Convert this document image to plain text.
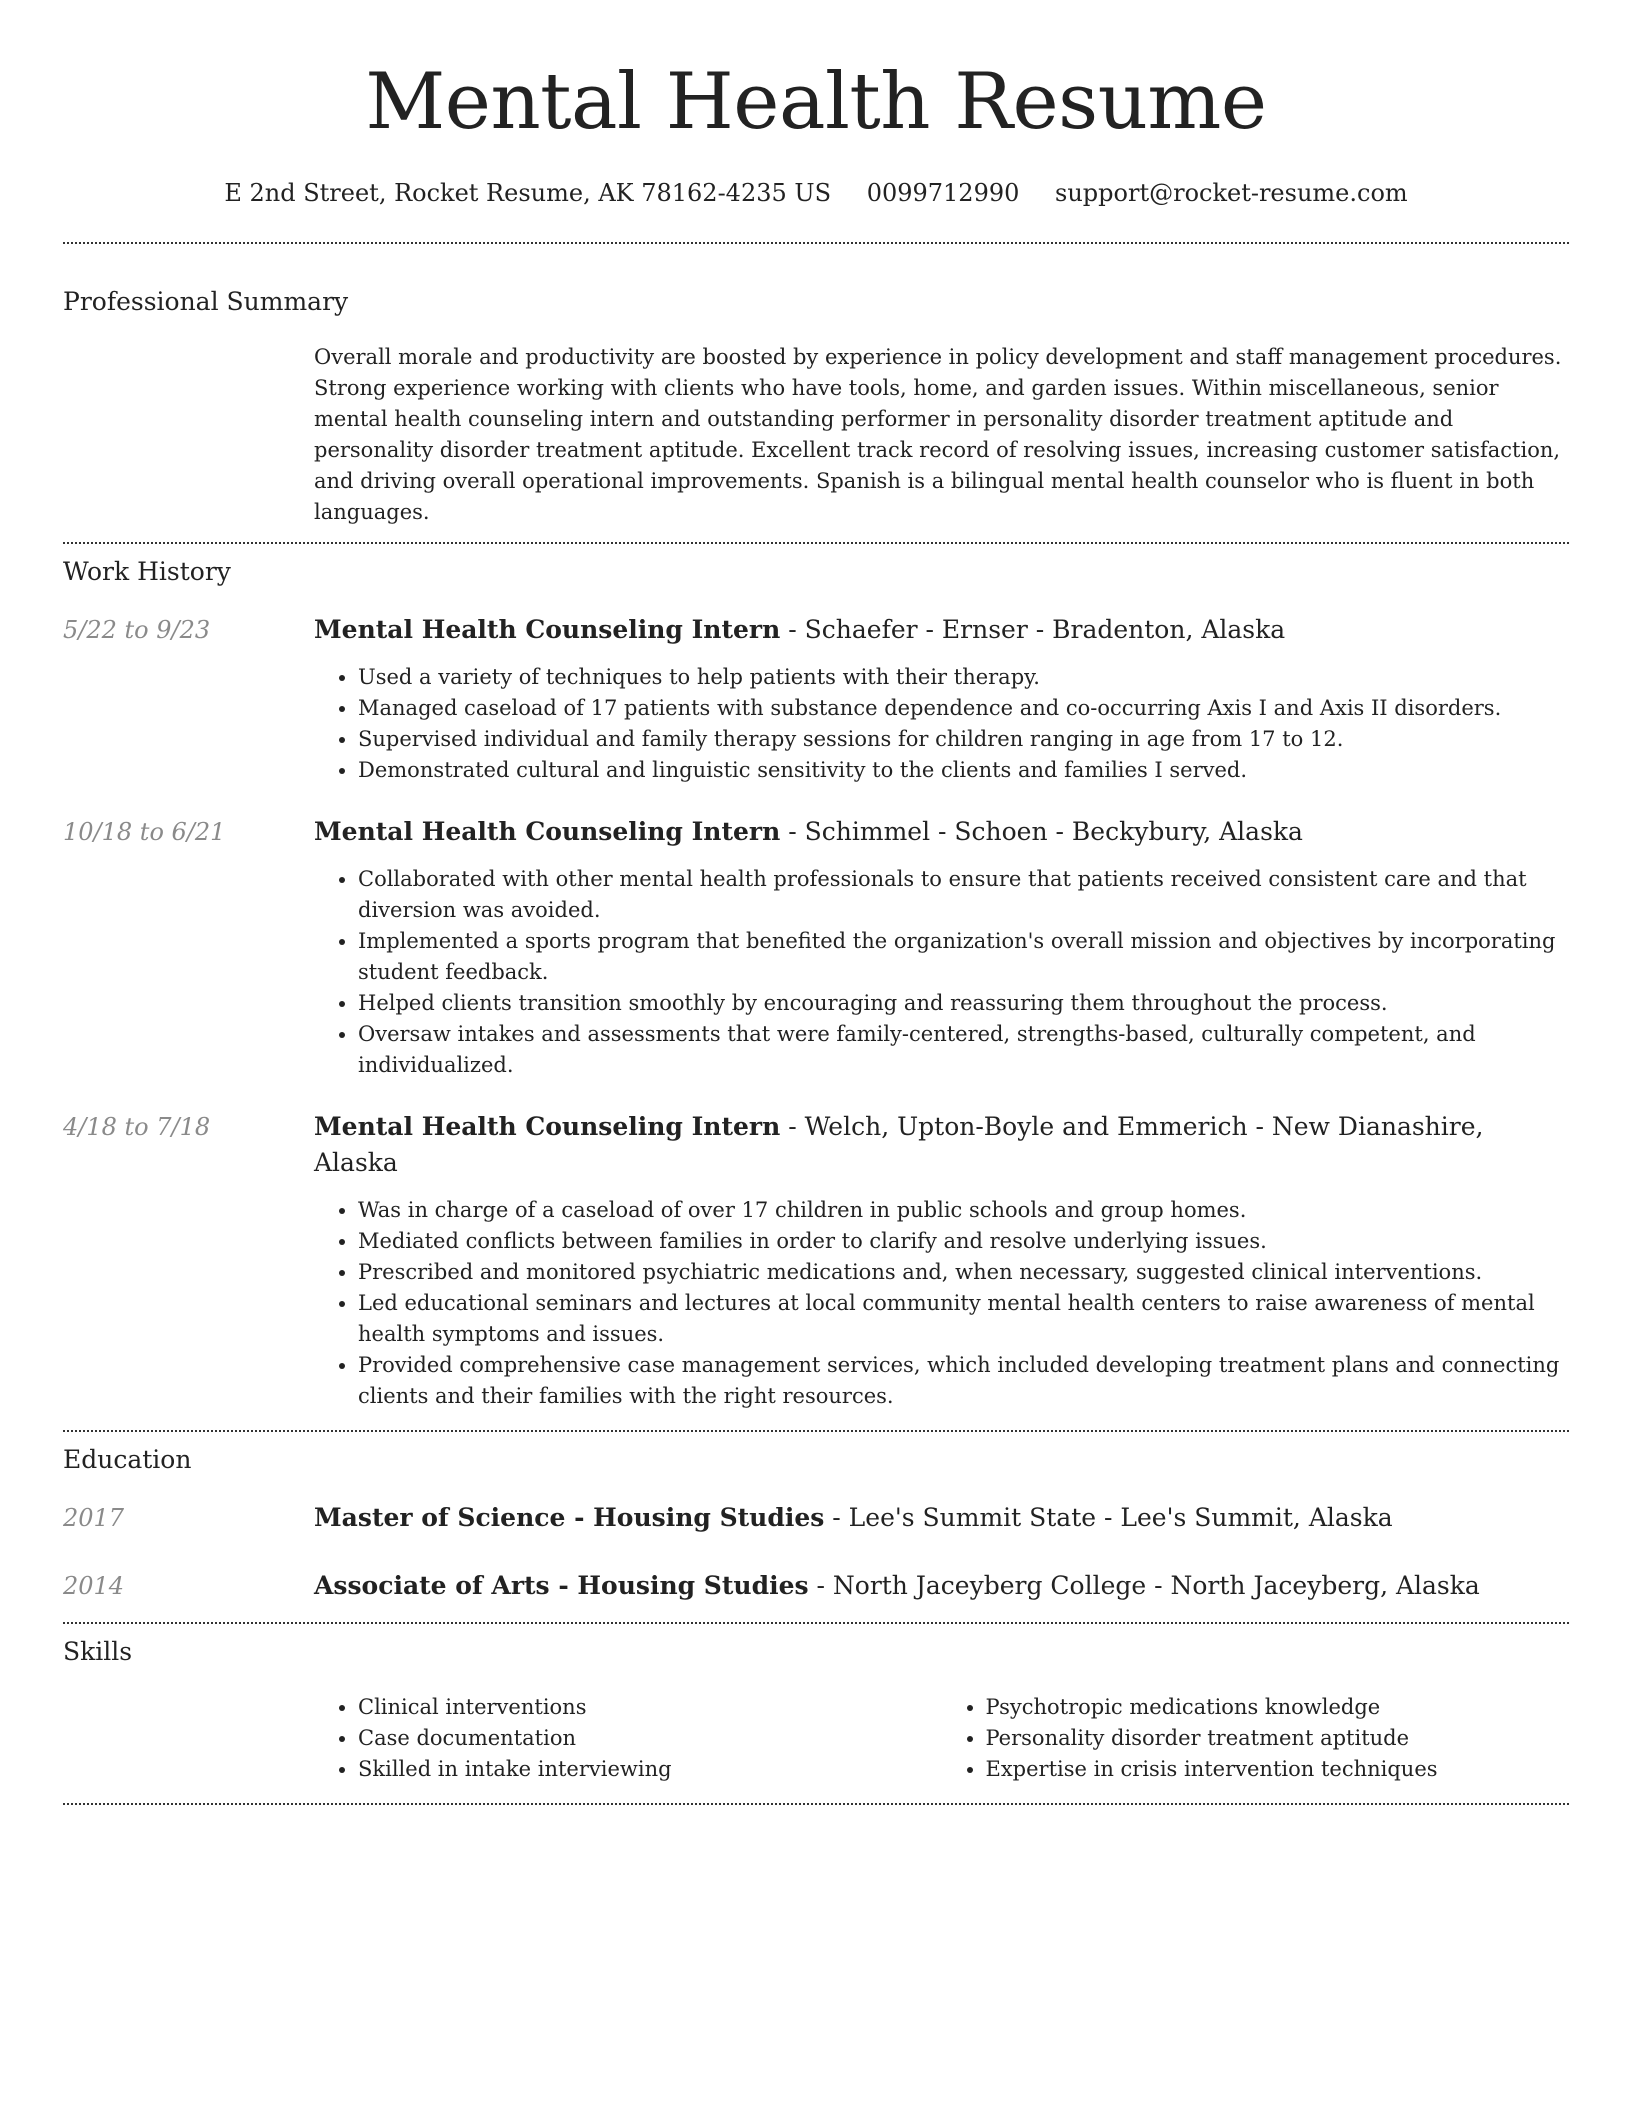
Mental Health Resume
E 2nd Street, Rocket Resume, AK 78162-4235 US 0099712990 support@rocket-resume.com
Professional Summary
Overall morale and productivity are boosted by experience in policy development and staff management procedures. Strong experience working with clients who have tools, home, and garden issues. Within miscellaneous, senior mental health counseling intern and outstanding performer in personality disorder treatment aptitude and personality disorder treatment aptitude. Excellent track record of resolving issues, increasing customer satisfaction, and driving overall operational improvements. Spanish is a bilingual mental health counselor who is fluent in both languages.
Work History
5/22 to 9/23	Mental Health Counseling Intern - Schaefer - Ernser - Bradenton, Alaska
• Used a variety of techniques to help patients with their therapy.
• Managed caseload of 17 patients with substance dependence and co-occurring Axis I and Axis II disorders.
• Supervised individual and family therapy sessions for children ranging in age from 17 to 12.
• Demonstrated cultural and linguistic sensitivity to the clients and families I served.
10/18 to 6/21	Mental Health Counseling Intern - Schimmel - Schoen - Beckybury, Alaska
• Collaborated with other mental health professionals to ensure that patients received consistent care and that diversion was avoided.
• Implemented a sports program that benefited the organization's overall mission and objectives by incorporating student feedback.
• Helped clients transition smoothly by encouraging and reassuring them throughout the process.
• Oversaw intakes and assessments that were family-centered, strengths-based, culturally competent, and individualized.
4/18 to 7/18	Mental Health Counseling Intern - Welch, Upton-Boyle and Emmerich - New Dianashire, Alaska
• Was in charge of a caseload of over 17 children in public schools and group homes.
• Mediated conflicts between families in order to clarify and resolve underlying issues.
• Prescribed and monitored psychiatric medications and, when necessary, suggested clinical interventions.
• Led educational seminars and lectures at local community mental health centers to raise awareness of mental health symptoms and issues.
• Provided comprehensive case management services, which included developing treatment plans and connecting clients and their families with the right resources.
Education
2017	Master of Science - Housing Studies - Lee's Summit State - Lee's Summit, Alaska
2014	Associate of Arts - Housing Studies - North Jaceyberg College - North Jaceyberg, Alaska
Skills
• Clinical interventions
• Case documentation
• Skilled in intake interviewing
• Psychotropic medications knowledge
• Personality disorder treatment aptitude
• Expertise in crisis intervention techniques
